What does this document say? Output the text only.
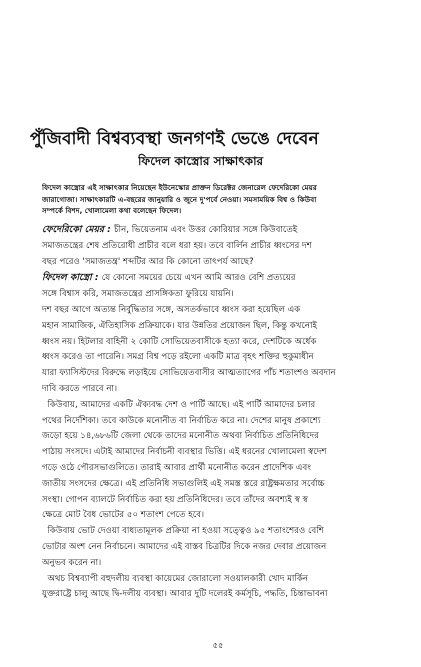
পুঁজিবাদী বিশ্বব্যবস্থা জনগণই ভেঙে দেবেন
ফিদেল কাস্ত্রোর সাক্ষাৎকার
ফিদেল কাস্ত্রোর এই সাক্ষাৎকার নিয়েছেন ইউনেস্কোর প্রাক্তন ডিরেক্টর জেনারেল ফেদেরিকো মেয়র
জারাগোজা। সাক্ষাৎকারটি এ-বছরের জানুয়ারি ও জুনে দু'পর্বে নেওয়া। সমসাময়িক বিশ্ব ও কিউবা
সম্পর্কে বিশদ, খোলামেলা কথা বলেছেন ফিদেল।
ফেদেরিকো মেয়র : চীন, ভিয়েতনাম এবং উত্তর কোরিয়ার সঙ্গে কিউবাতেই
সমাজতন্ত্রের শেষ প্রতিরোধী প্রাচীর বলে ধরা হয়। তবে বার্লিন প্রাচীর ধ্বংসের দশ
বছর পরেও 'সমাজতন্ত্র' শব্দটির আর কি কোনো তাৎপর্য আছে?
ফিদেল কাস্ত্রো : যে কোনো সময়ের চেয়ে এখন আমি আরও বেশি প্রত্যয়ের
সঙ্গে বিশ্বাস করি, সমাজতন্ত্রের প্রাসঙ্গিকতা ফুরিয়ে যায়নি।
দশ বছর আগে অত্যন্ত নির্বুদ্ধিতার সঙ্গে, অসতর্কভাবে ধ্বংস করা হয়েছিল এক
মহান সামাজিক, ঐতিহাসিক প্রক্রিয়াকে। যার উন্নতির প্রয়োজন ছিল, কিন্তু কখনোই
ধ্বংস নয়। হিটলার বাহিনী ২ কোটি সোভিয়েতবাসীকে হত্যা করে, দেশটিকে অর্ধেক
ধ্বংস করেও তা পারেনি। সমগ্র বিশ্ব পড়ে রইলো একটি মাত্র বৃহৎ শক্তির হুকুমাধীন
যারা ফ্যাসিস্টদের বিরুদ্ধে লড়াইয়ে সোভিয়েতবাসীর আত্মত্যাগের পাঁচ শতাংশও অবদান
দাবি করতে পারবে না।
কিউবায়, আমাদের একটি ঐক্যবদ্ধ দেশ ও পার্টি আছে। এই পার্টি আমাদের চলার
পথের নির্দেশিকা। তবে কাউকে মনোনীত বা নির্বাচিত করে না। দেশের মানুষ প্রকাশ্যে
জড়ো হয়ে ১৪,৬৮৬টি জেলা থেকে তাদের মনোনীত অথবা নির্বাচিত প্রতিনিধিদের
পাঠায় সংসদে। এটাই আমাদের নির্বাচনী ব্যবস্থার ভিত্তি। এই ধরনের খোলামেলা স্বদেশ
গড়ে ওঠে পৌরসভাগুলিতে। তারাই আবার প্রার্থী মনোনীত করেন প্রাদেশিক এবং
জাতীয় সংসদের ক্ষেত্রে। এই প্রতিনিধি সভাগুলিই এই সমস্ত স্তরে রাষ্ট্রক্ষমতার সর্বোচ্চ
সংস্থা। গোপন ব্যালটে নির্বাচিত করা হয় প্রতিনিধিদের। তবে তাঁদের অবশ্যই স্ব স্ব
ক্ষেত্রে মোট বৈধ ভোটের ৫০ শতাংশ পেতে হবে।
কিউবায় ভোট দেওয়া বাধ্যতামূলক প্রক্রিয়া না হওয়া সত্ত্বেও ৯৫ শতাংশেরও বেশি
ভোটার অংশ নেন নির্বাচনে। আমাদের এই বাস্তব চিত্রটির দিকে নজর দেবার প্রয়োজন
অনুভব করেন না।
অথচ বিশ্বব্যাপী বহুদলীয় ব্যবস্থা কায়েমের জোরালো সওয়ালকারী খোদ মার্কিন
যুক্তরাষ্ট্রে চালু আছে দ্বি-দলীয় ব্যবস্থা। আবার দুটি দলেরই কর্মসূচি, পদ্ধতি, চিন্তাভাবনা
৫৫
